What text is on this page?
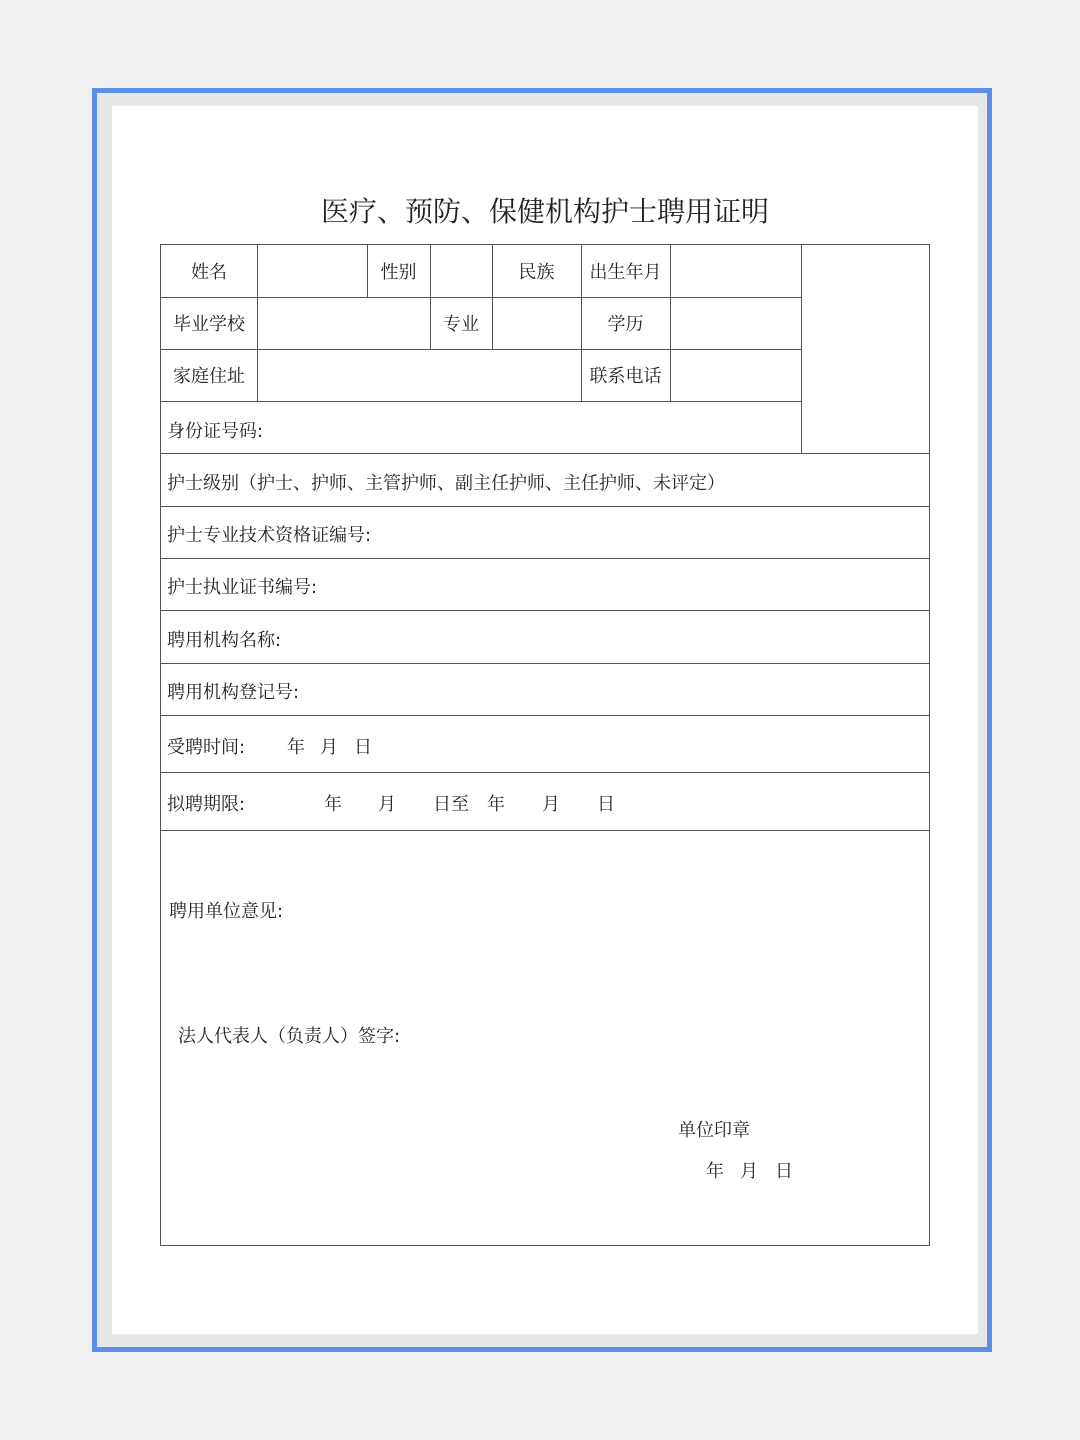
医疗、预防、保健机构护士聘用证明
姓名	性别	民族	出生年月
毕业学校	专业	学历
家庭住址	联系电话
身份证号码:
护士级别（护士、护师、主管护师、副主任护师、主任护师、未评定）
护士专业技术资格证编号:
护士执业证书编号:
聘用机构名称:
聘用机构登记号:
受聘时间: 年 月 日
拟聘期限:	年 月 日至 年 月 日
聘用单位意见:
法人代表人（负责人）签字:
单位印章
年 月 日
